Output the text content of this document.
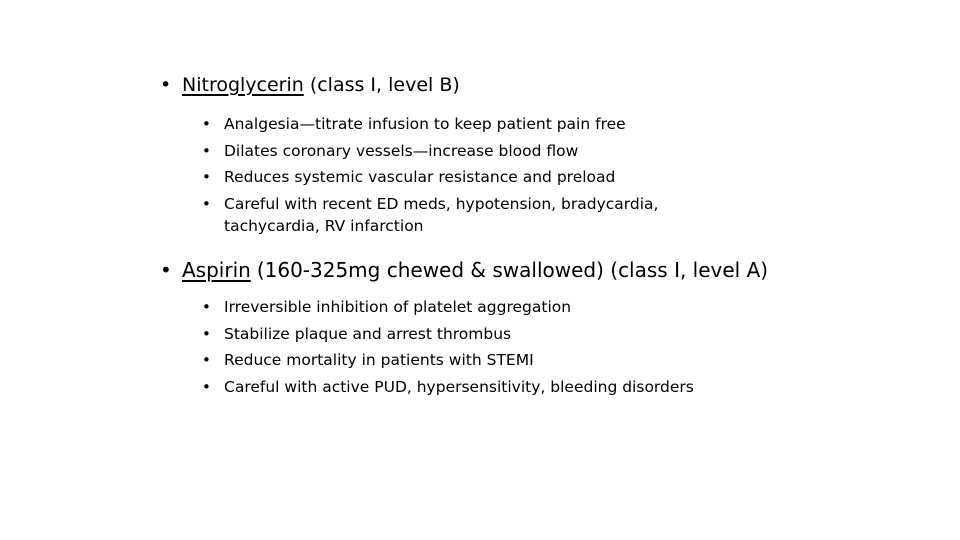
• Nitroglycerin (class I, level B)
• Analgesia—titrate infusion to keep patient pain free
• Dilates coronary vessels—increase blood flow
• Reduces systemic vascular resistance and preload
• Careful with recent ED meds, hypotension, bradycardia, tachycardia, RV infarction
• Aspirin (160-325mg chewed & swallowed) (class I, level A)
• Irreversible inhibition of platelet aggregation
• Stabilize plaque and arrest thrombus
• Reduce mortality in patients with STEMI
• Careful with active PUD, hypersensitivity, bleeding disorders
